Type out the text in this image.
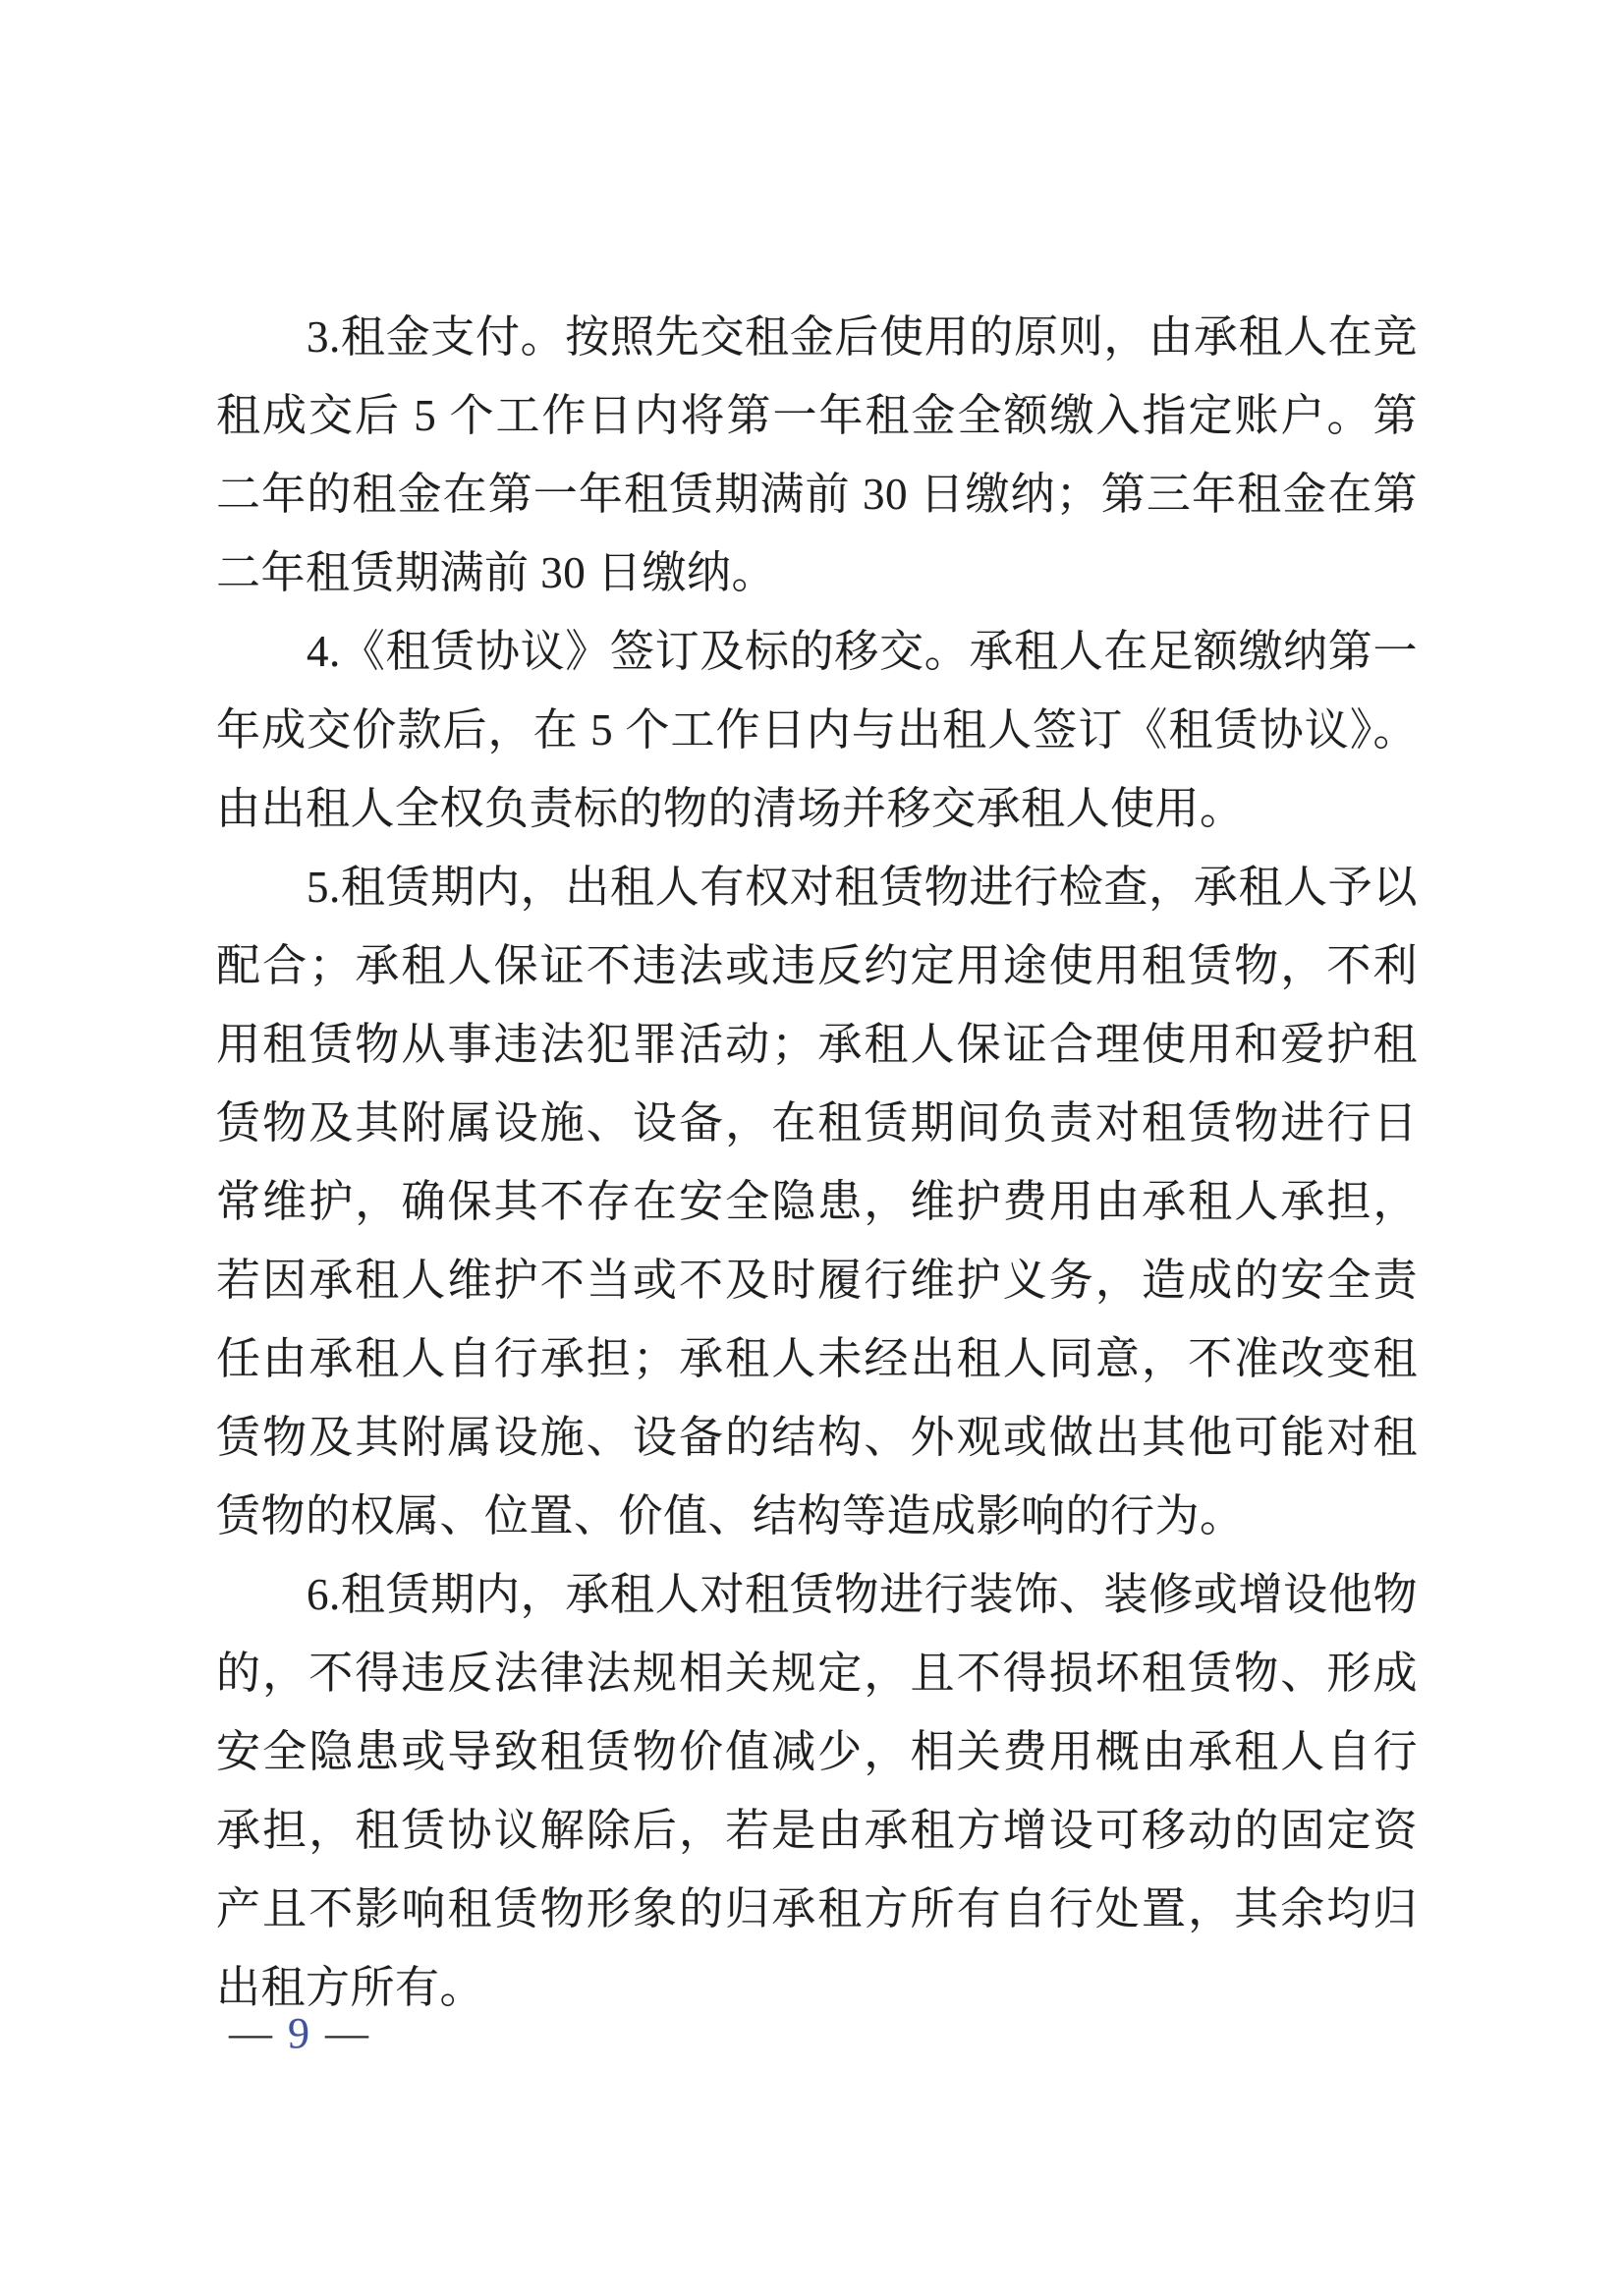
3.租金支付。按照先交租金后使用的原则，由承租人在竞租成交后 5 个工作日内将第一年租金全额缴入指定账户。第二年的租金在第一年租赁期满前 30 日缴纳；第三年租金在第二年租赁期满前 30 日缴纳。

4.《租赁协议》签订及标的移交。承租人在足额缴纳第一年成交价款后，在 5 个工作日内与出租人签订《租赁协议》。由出租人全权负责标的物的清场并移交承租人使用。

5.租赁期内，出租人有权对租赁物进行检查，承租人予以配合；承租人保证不违法或违反约定用途使用租赁物，不利用租赁物从事违法犯罪活动；承租人保证合理使用和爱护租赁物及其附属设施、设备，在租赁期间负责对租赁物进行日常维护，确保其不存在安全隐患，维护费用由承租人承担，若因承租人维护不当或不及时履行维护义务，造成的安全责任由承租人自行承担；承租人未经出租人同意，不准改变租赁物及其附属设施、设备的结构、外观或做出其他可能对租赁物的权属、位置、价值、结构等造成影响的行为。

6.租赁期内，承租人对租赁物进行装饰、装修或增设他物的，不得违反法律法规相关规定，且不得损坏租赁物、形成安全隐患或导致租赁物价值减少，相关费用概由承租人自行承担，租赁协议解除后，若是由承租方增设可移动的固定资产且不影响租赁物形象的归承租方所有自行处置，其余均归出租方所有。

— 9 —
